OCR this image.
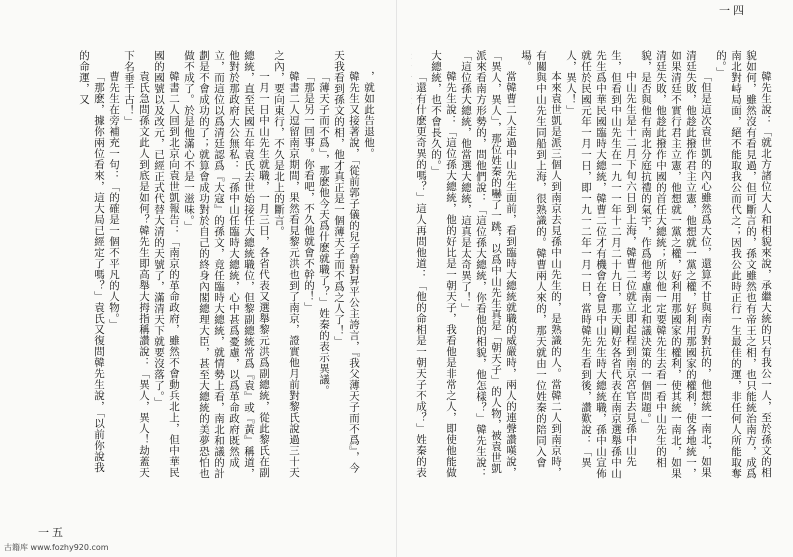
，就如此告退他。

韓先生又接著說，「從前郭子儀的兒子曾對昇平公主誇言，『我父薄天子而不爲』，今天我看到孫文的相，他才真正是一個薄天子而不爲之人了！」

「薄天子而不爲」，那麽他今天爲什麽就職了？」姓秦的表示異議。

「那是另一回事。你看吧，不久他就會不幹的！」

韓書二人逗留南京期間，果然看見黎元洪也到了南京，證實他月前對黎氏說過三十天之內，要向東行，不久是北上的斷言。

一月一日中山先生就職，一月三日，各省代表又選舉黎元洪爲副總統，從此黎氏在副總統，直至民國五年袁氏去世始接任大總統職位，但黎副總統常爲『袁』或『黃』稱道，他對於那政府大公無私：「孫中山任臨時大總統，心中甚爲憂慮，以爲革命政府既然成立，而這位以爲清廷認爲『大寇』的孫文，竟任臨時大總統，就情勢上看，南北和議的計劃是不會成功的了；就算會成功對於自己的終身內閣總理大臣，甚至大總統的美夢恐怕也做不成了。於是他滿心不是一滋味。」

韓書二人回到北京向袁世凱報告：「南京的革命政府，雖然不會動兵北上，但中華民國的國號以及改元，已經正式代替大清的天號了，滿清天下就要沒落了。」

袁氏急問孫文此人到底是如何？韓先生即高舉大拇指稱讚說：「異人，異人！劫蓋天下名垂千古！」

曹先生在旁補充一句：「的確是一個不平凡的人物。」

「那麽，據你兩位看來，這大局已經定了嗎？」袁氏又復問韓先生說，「以前你說我的命運，又

一五
一四

韓先生說：「就北方諸位大人和相貌來說，承繼大統的只有我公一人，至於孫文的相貌如何，雖然沒有看見過，但可斷言的，孫文雖然也有帝王之相，也只能統治南方，成爲南北對峙局面，絕不能取我公而代之；因我公此時正行一生最佳的運，非任何人所能取奪的。」

「但是這次袁世凱的內心雖然爲大位，還算不甘與南方對抗的，他想統一南北，如果清廷失敗，他趁此撥作君主立憲，他想就一黨之權，好利用那國家的權利，使各地統一，如果清廷不實行君主立憲，他想就一黨之權，好利用那國家的權利，使其統一南北，如果清廷失敗，他趁此撥作中國的首任大總統；所以他一定要韓先生去看一看中山先生的相貌，是否與他有南北分庭抗禮的氣宇，作爲他考慮南北和議決策的一個問題。」

中山先生是十二月下旬六日到上海，韓曹二位就立即起程到南京宮官去見孫中山先生，但看到中山先生在一九一一年十二月二十九日，那天剛好各省代表在南京選舉孫中山先生爲中華民國臨時大總統，韓曹二位才有機會在會見中山先生時大總統職，孫中山宣佈就任於民國元年一月一日，即一九一二年一月一日，當時韓先生看到後，讚歎說：「異人，異人！」

本來袁世凱是派三個人到南京去見孫中山先生的，是熟識的人。當韓二人到南京時，有關與中山先生同船到上海，很熟識的。韓曹兩人來的，那天就由一位姓秦的陪同入會場。

當韓曹二人走過中山先生面前，看到臨時大總統就職的威嚴時，兩人的連聲讚嘆說，「異人，異人」，那位姓秦的嚇了一跳，以爲中山先生真是「朝天子」的人物，被袁世凱派來看南方形勢的，問他們說：「這位孫大總統，你看他的相貌，他怎樣？」韓先生說：「這位孫大總統，他當選大總統，這真是太奇異了！」

韓先生說：「這位孫大總統，他的好比是一朝天子，我看他是非常之人，即使他能做大總統，也不會長久的。」

「還有什麽更奇異的嗎？」這人再問他道：「他的命相是一朝天子不成？」姓秦的表

古籍库 www.fozhy920.com
